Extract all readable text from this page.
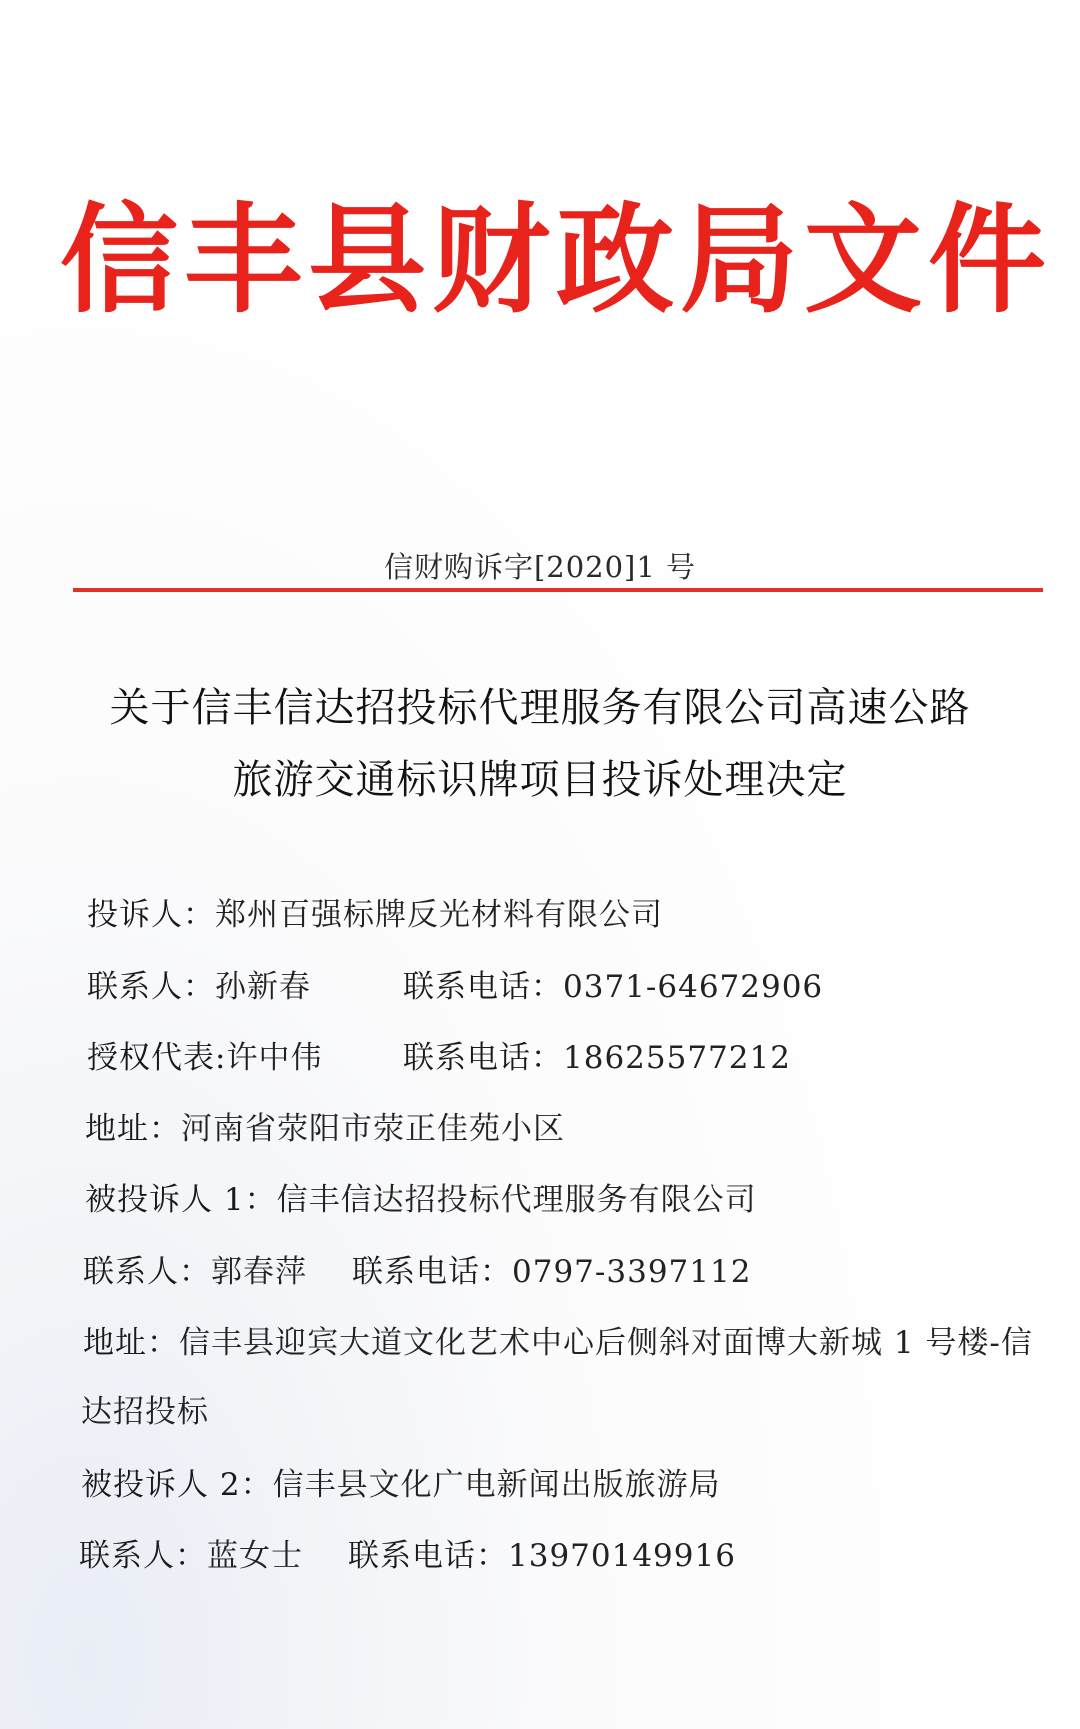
信丰县财政局文件
信财购诉字[2020]1 号
关于信丰信达招投标代理服务有限公司高速公路
旅游交通标识牌项目投诉处理决定
投诉人：郑州百强标牌反光材料有限公司
联系人：孙新春	联系电话：0371-64672906
授权代表:许中伟	联系电话：18625577212
地址：河南省荥阳市荥正佳苑小区
被投诉人 1：信丰信达招投标代理服务有限公司
联系人：郭春萍 联系电话：0797-3397112
地址：信丰县迎宾大道文化艺术中心后侧斜对面博大新城 1 号楼-信
达招投标
被投诉人 2：信丰县文化广电新闻出版旅游局
联系人：蓝女士 联系电话：13970149916
